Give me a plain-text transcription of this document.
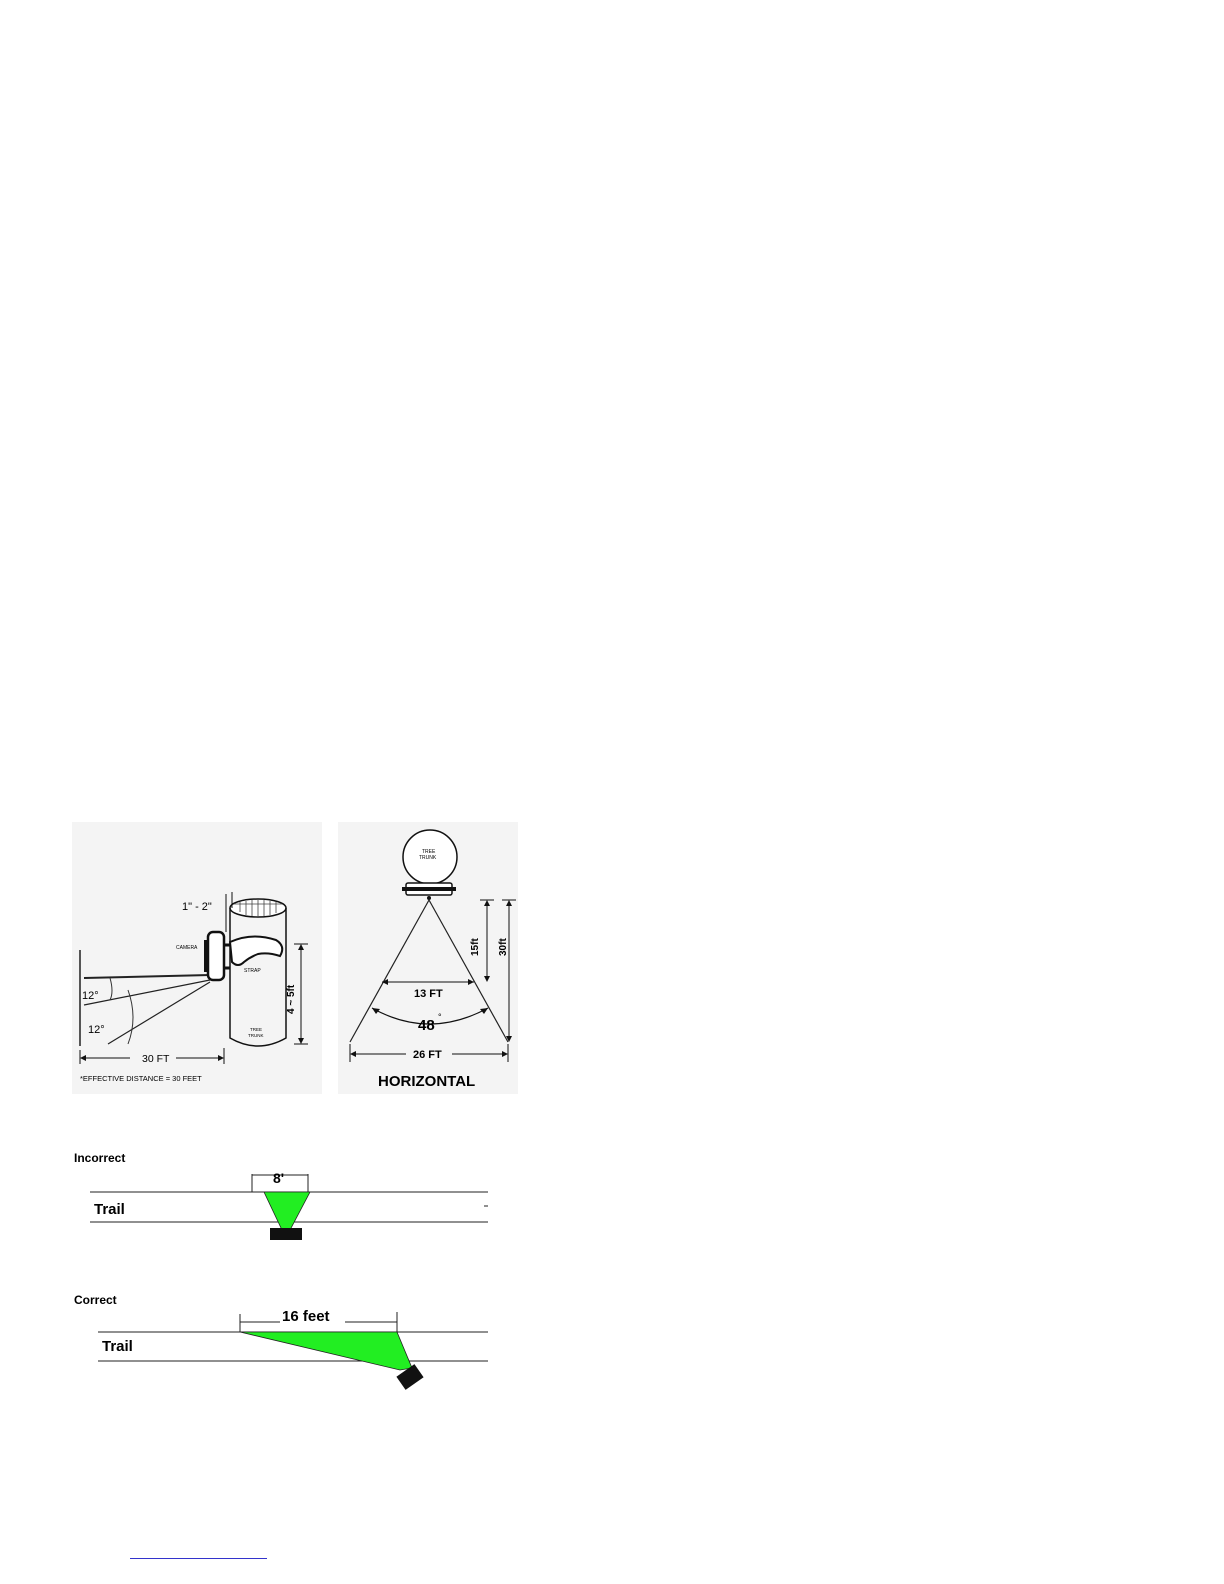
12°
12°
CAMERA
TREE
TRUNK
STRAP
1" - 2"
4 ~ 5ft
30 FT
*EFFECTIVE DISTANCE = 30 FEET
TREE
TRUNK
13 FT
48 °
15ft 30ft
26 FT
HORIZONTAL
Incorrect
Trail
8'
Correct
Trail
16 feet
